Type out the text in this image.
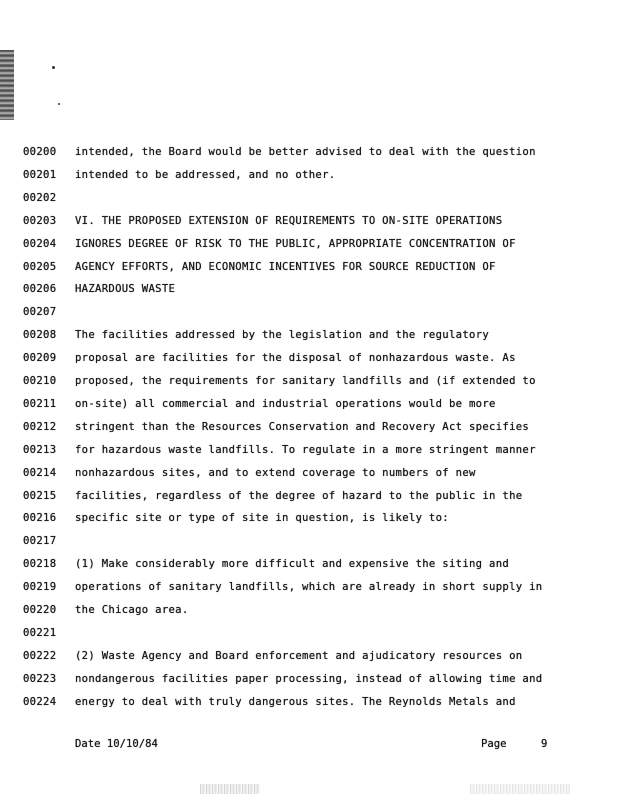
00200	intended, the Board would be better advised to deal with the question
00201	intended to be addressed, and no other.
00202
00203	VI. THE PROPOSED EXTENSION OF REQUIREMENTS TO ON-SITE OPERATIONS
00204	IGNORES DEGREE OF RISK TO THE PUBLIC, APPROPRIATE CONCENTRATION OF
00205	AGENCY EFFORTS, AND ECONOMIC INCENTIVES FOR SOURCE REDUCTION OF
00206	HAZARDOUS WASTE
00207
00208	The facilities addressed by the legislation and the regulatory
00209	proposal are facilities for the disposal of nonhazardous waste. As
00210	proposed, the requirements for sanitary landfills and (if extended to
00211	on-site) all commercial and industrial operations would be more
00212	stringent than the Resources Conservation and Recovery Act specifies
00213	for hazardous waste landfills. To regulate in a more stringent manner
00214	nonhazardous sites, and to extend coverage to numbers of new
00215	facilities, regardless of the degree of hazard to the public in the
00216	specific site or type of site in question, is likely to:
00217
00218	(1) Make considerably more difficult and expensive the siting and
00219	operations of sanitary landfills, which are already in short supply in
00220	the Chicago area.
00221
00222	(2) Waste Agency and Board enforcement and ajudicatory resources on
00223	nondangerous facilities paper processing, instead of allowing time and
00224	energy to deal with truly dangerous sites. The Reynolds Metals and
Date 10/10/84	Page	9
